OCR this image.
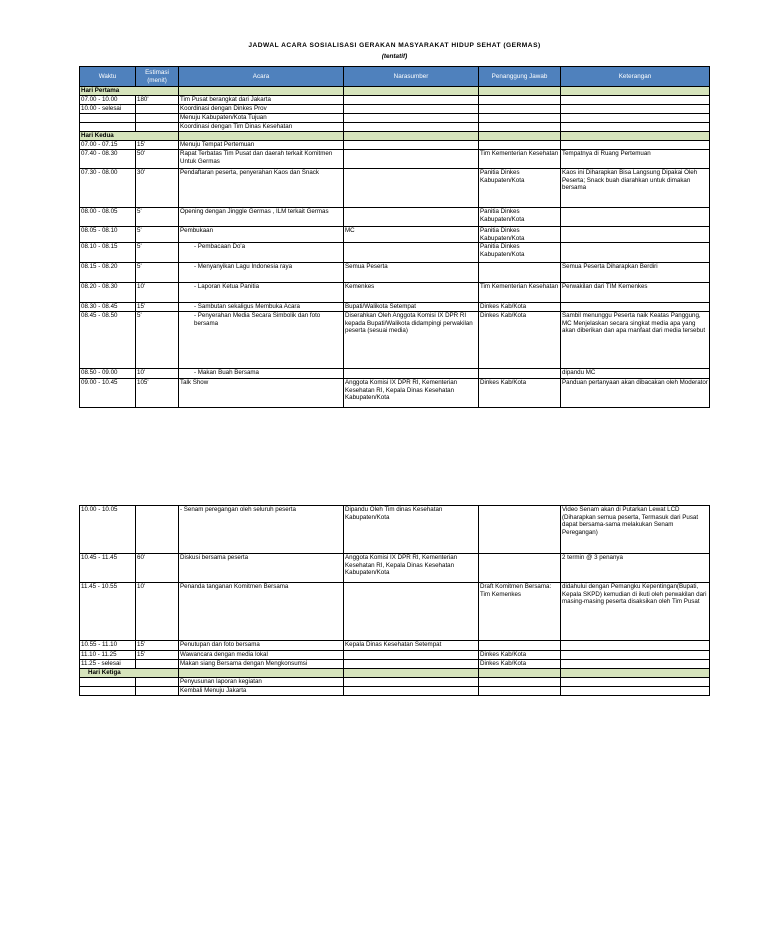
JADWAL ACARA SOSIALISASI GERAKAN MASYARAKAT HIDUP SEHAT (GERMAS)
(tentatif)
Waktu	Estimasi (menit)	Acara	Narasumber	Penanggung Jawab	Keterangan
Hari Pertama					
07.00 - 10.00	180'	Tim Pusat berangkat dari Jakarta			
10.00 - selesai		Koordinasi dengan Dinkes Prov			
		Menuju Kabupaten/Kota Tujuan			
		Koordinasi dengan Tim Dinas Kesehatan			
Hari Kedua					
07.00 - 07.15	15'	Menuju Tempat Pertemuan			
07.40 - 08.30	50'	Rapat Terbatas Tim Pusat dan daerah terkait Komitmen Untuk Germas		Tim Kementerian Kesehatan	Tempatnya di Ruang Pertemuan
07.30 - 08.00	30'	Pendaftaran peserta, penyerahan Kaos dan Snack		Panitia Dinkes Kabupaten/Kota	Kaos ini Diharapkan Bisa Langsung Dipakai Oleh Peserta; Snack buah diarahkan untuk dimakan bersama
08.00 - 08.05	5'	Opening dengan Jinggle Germas , ILM terkait Germas		Panitia Dinkes Kabupaten/Kota	
08.05 - 08.10	5'	Pembukaan	MC	Panitia Dinkes Kabupaten/Kota	
08.10 - 08.15	5'	- Pembacaan Do'a		Panitia Dinkes Kabupaten/Kota	
08.15 - 08.20	5'	- Menyanyikan Lagu Indonesia raya	Semua Peserta		Semua Peserta Diharapkan Berdiri
08.20 - 08.30	10'	- Laporan Ketua Panitia	Kemenkes	Tim Kementerian Kesehatan	Perwakilan dari TIM Kemenkes
08.30 - 08.45	15'	- Sambutan sekaligus Membuka Acara	Bupati/Walikota Setempat	Dinkes Kab/Kota	
08.45 - 08.50	5'	- Penyerahan Media Secara Simbolik dan foto bersama	Diserahkan Oleh Anggota Komisi IX DPR RI kepada Bupati/Walikota didampingi perwakilan peserta (sesuai media)	Dinkes Kab/Kota	Sambil menunggu Peserta naik Keatas Panggung, MC Menjelaskan secara singkat media apa yang akan diberikan dan apa manfaat dari media tersebut
08.50 - 09.00	10'	- Makan Buah Bersama			dipandu MC
09.00 - 10.45	105'	Talk Show	Anggota Komisi IX DPR RI, Kementerian Kesehatan RI, Kepala Dinas Kesehatan Kabupaten/Kota	Dinkes Kab/Kota	Panduan pertanyaan akan dibacakan oleh Moderator
10.00 - 10.05		- Senam peregangan oleh seluruh peserta	Dipandu Oleh Tim dinas Kesehatan Kabupaten/Kota		Video Senam akan di Putarkan Lewat LCD (Diharapkan semua peserta, Termasuk dari Pusat dapat bersama-sama melakukan Senam Peregangan)
10.45 - 11.45	60'	Diskusi bersama peserta	Anggota Komisi IX DPR RI, Kementerian Kesehatan RI, Kepala Dinas Kesehatan Kabupaten/Kota		2 termin @ 3 penanya
11.45 - 10.55	10'	Penanda tanganan Komitmen Bersama		Draft Komitmen Bersama: Tim Kemenkes	didahului dengan Pemangku Kepentingan(Bupati, Kepala SKPD) kemudian di ikuti oleh perwakilan dari masing-masing peserta disaksikan oleh Tim Pusat
10.55 - 11.10	15'	Penutupan dan foto bersama	Kepala Dinas Kesehatan Setempat		
11.10 - 11.25	15'	Wawancara dengan media lokal		Dinkes Kab/Kota	
11.25 - selesai		Makan siang Bersama dengan Mengkonsumsi		Dinkes Kab/Kota	
Hari Ketiga					
		Penyusunan laporan kegiatan			
		Kembali Menuju Jakarta			
